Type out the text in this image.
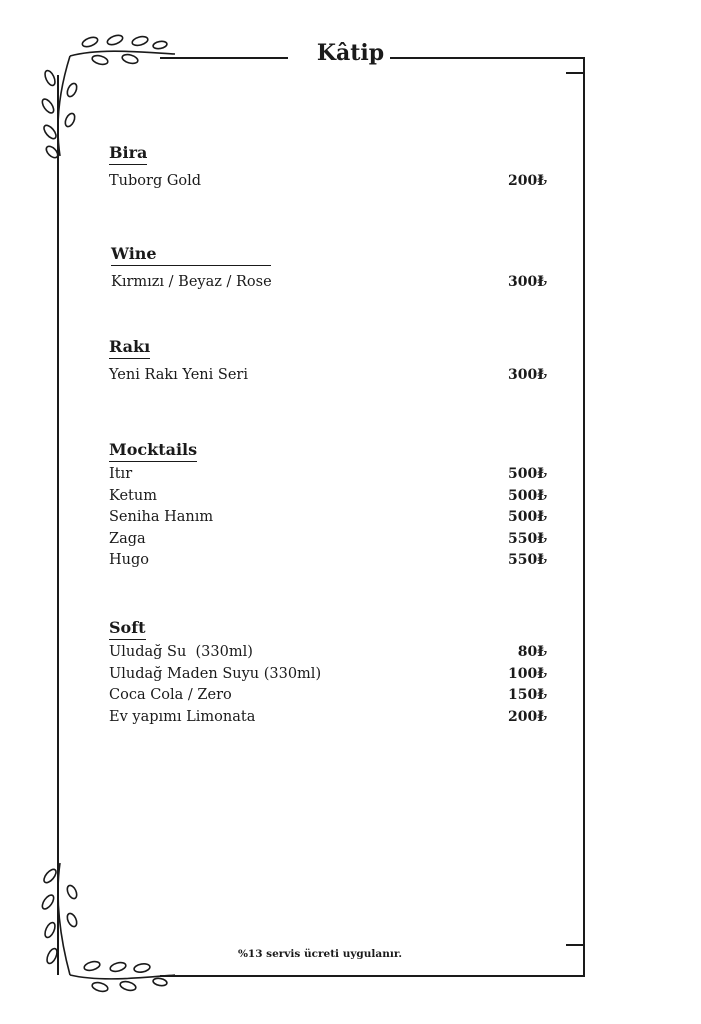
Kâtip
Bira
Tuborg Gold	200₺
Wine
Kırmızı / Beyaz / Rose	300₺
Rakı
Yeni Rakı Yeni Seri	300₺
Mocktails
Itır	500₺
Ketum	500₺
Seniha Hanım	500₺
Zaga	550₺
Hugo	550₺
Soft
Uludağ Su  (330ml)	80₺
Uludağ Maden Suyu (330ml)	100₺
Coca Cola / Zero	150₺
Ev yapımı Limonata	200₺
%13 servis ücreti uygulanır.
